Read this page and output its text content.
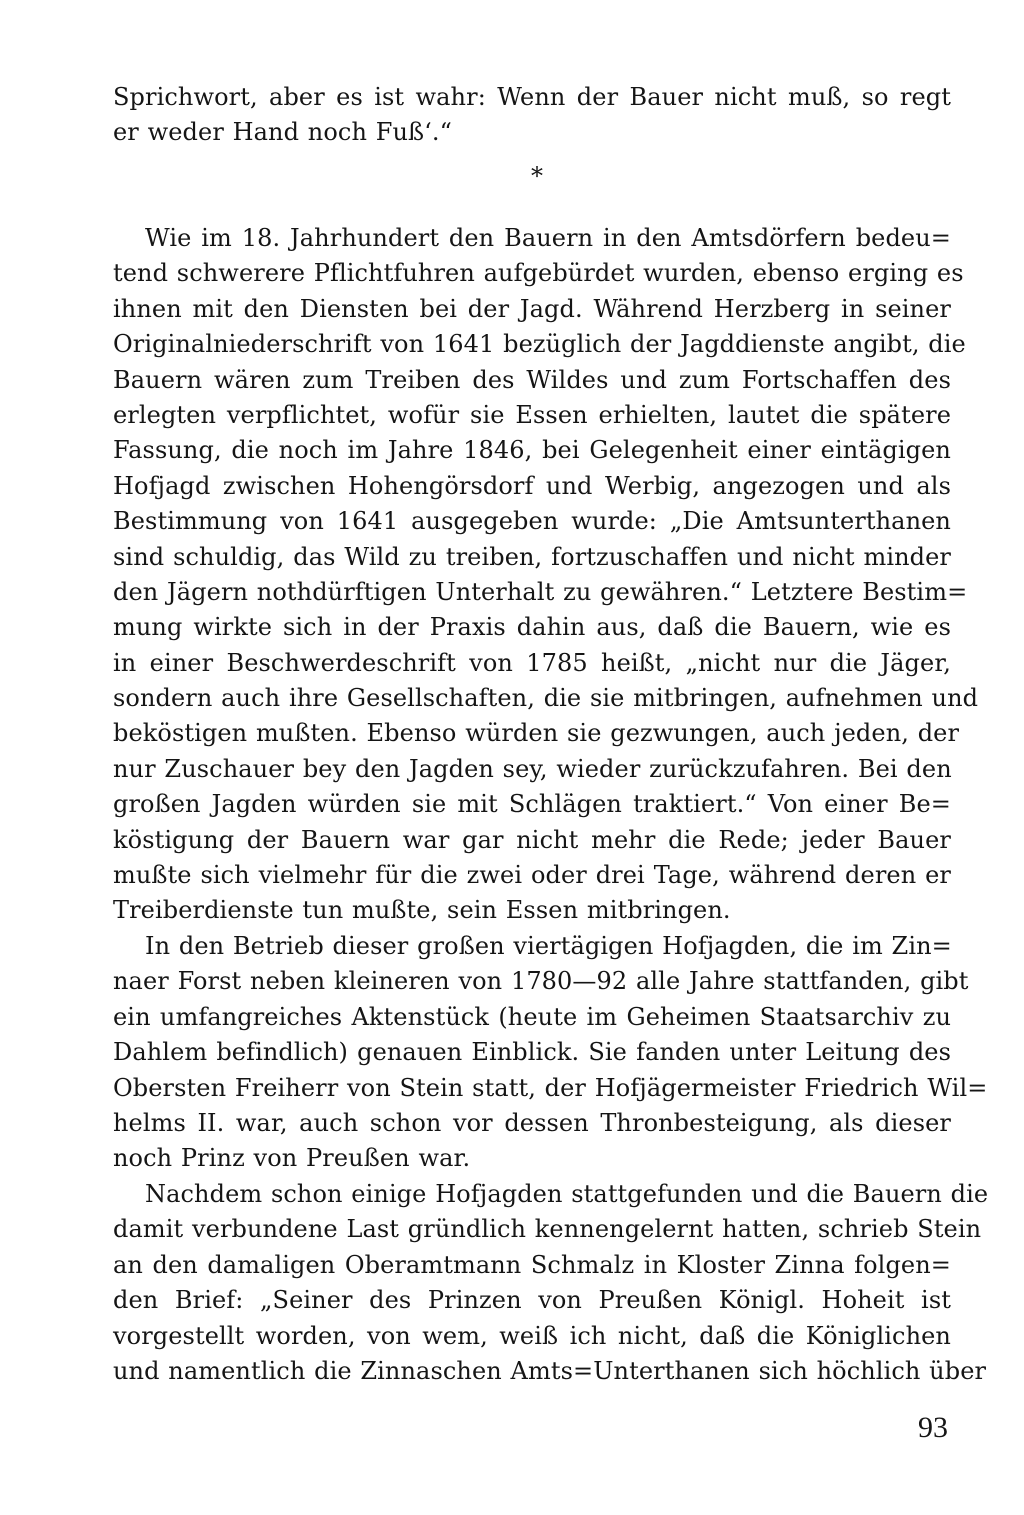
Sprichwort, aber es ist wahr: Wenn der Bauer nicht muß, so regt
er weder Hand noch Fuß‘.“
*
Wie im 18. Jahrhundert den Bauern in den Amtsdörfern bedeu=
tend schwerere Pflichtfuhren aufgebürdet wurden, ebenso erging es
ihnen mit den Diensten bei der Jagd. Während Herzberg in seiner
Originalniederschrift von 1641 bezüglich der Jagddienste angibt, die
Bauern wären zum Treiben des Wildes und zum Fortschaffen des
erlegten verpflichtet, wofür sie Essen erhielten, lautet die spätere
Fassung, die noch im Jahre 1846, bei Gelegenheit einer eintägigen
Hofjagd zwischen Hohengörsdorf und Werbig, angezogen und als
Bestimmung von 1641 ausgegeben wurde: „Die Amtsunterthanen
sind schuldig, das Wild zu treiben, fortzuschaffen und nicht minder
den Jägern nothdürftigen Unterhalt zu gewähren.“ Letztere Bestim=
mung wirkte sich in der Praxis dahin aus, daß die Bauern, wie es
in einer Beschwerdeschrift von 1785 heißt, „nicht nur die Jäger,
sondern auch ihre Gesellschaften, die sie mitbringen, aufnehmen und
beköstigen mußten. Ebenso würden sie gezwungen, auch jeden, der
nur Zuschauer bey den Jagden sey, wieder zurückzufahren. Bei den
großen Jagden würden sie mit Schlägen traktiert.“ Von einer Be=
köstigung der Bauern war gar nicht mehr die Rede; jeder Bauer
mußte sich vielmehr für die zwei oder drei Tage, während deren er
Treiberdienste tun mußte, sein Essen mitbringen.
In den Betrieb dieser großen viertägigen Hofjagden, die im Zin=
naer Forst neben kleineren von 1780—92 alle Jahre stattfanden, gibt
ein umfangreiches Aktenstück (heute im Geheimen Staatsarchiv zu
Dahlem befindlich) genauen Einblick. Sie fanden unter Leitung des
Obersten Freiherr von Stein statt, der Hofjägermeister Friedrich Wil=
helms II. war, auch schon vor dessen Thronbesteigung, als dieser
noch Prinz von Preußen war.
Nachdem schon einige Hofjagden stattgefunden und die Bauern die
damit verbundene Last gründlich kennengelernt hatten, schrieb Stein
an den damaligen Oberamtmann Schmalz in Kloster Zinna folgen=
den Brief: „Seiner des Prinzen von Preußen Königl. Hoheit ist
vorgestellt worden, von wem, weiß ich nicht, daß die Königlichen
und namentlich die Zinnaschen Amts=Unterthanen sich höchlich über
93
